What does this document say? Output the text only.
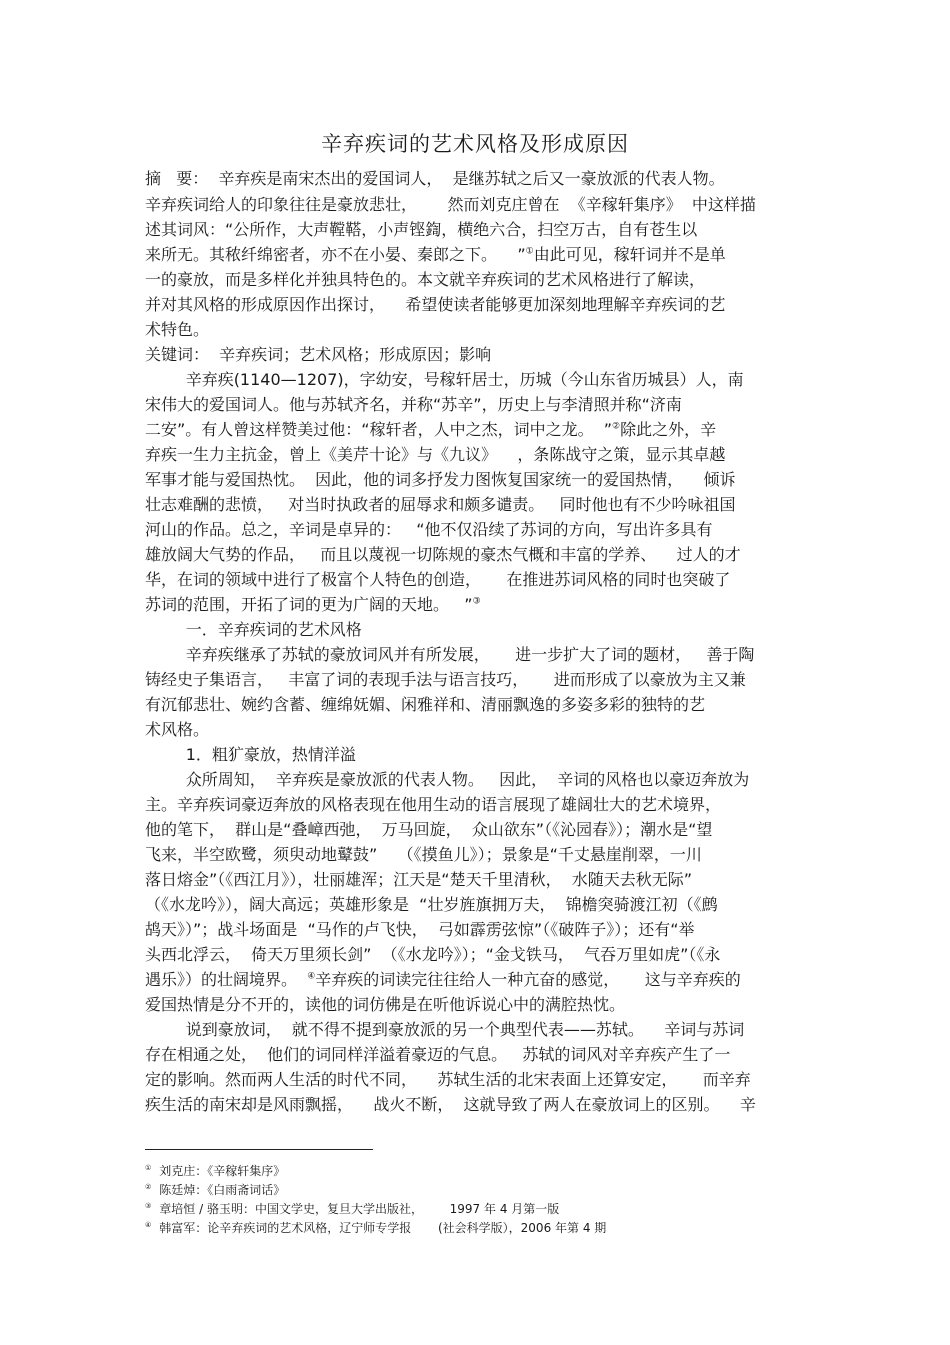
辛弃疾词的艺术风格及形成原因
摘   要：  辛弃疾是南宋杰出的爱国词人，  是继苏轼之后又一豪放派的代表人物。
辛弃疾词给人的印象往往是豪放悲壮，      然而刘克庄曾在  《辛稼轩集序》  中这样描
述其词风：“公所作，大声鞺鞳，小声铿鍧，横绝六合，扫空万古，自有苍生以
来所无。其秾纤绵密者，亦不在小晏、秦郎之下。    ”①由此可见，稼轩词并不是单
一的豪放，而是多样化并独具特色的。本文就辛弃疾词的艺术风格进行了解读，
并对其风格的形成原因作出探讨，    希望使读者能够更加深刻地理解辛弃疾词的艺
术特色。
关键词：  辛弃疾词；艺术风格；形成原因；影响
辛弃疾(1140—1207)，字幼安，号稼轩居士，历城（今山东省历城县）人，南
宋伟大的爱国词人。他与苏轼齐名，并称“苏辛”，历史上与李清照并称“济南
二安”。有人曾这样赞美过他：“稼轩者，人中之杰，词中之龙。  ”②除此之外，辛
弃疾一生力主抗金，曾上《美芹十论》与《九议》    ，条陈战守之策，显示其卓越
军事才能与爱国热忱。  因此，他的词多抒发力图恢复国家统一的爱国热情，    倾诉
壮志难酬的悲愤，   对当时执政者的屈辱求和颇多谴责。   同时他也有不少吟咏祖国
河山的作品。总之，辛词是卓异的：   “他不仅沿续了苏词的方向，写出许多具有
雄放阔大气势的作品，   而且以蔑视一切陈规的豪杰气概和丰富的学养、    过人的才
华，在词的领域中进行了极富个人特色的创造，     在推进苏词风格的同时也突破了
苏词的范围，开拓了词的更为广阔的天地。   ”③
一．辛弃疾词的艺术风格
辛弃疾继承了苏轼的豪放词风并有所发展，     进一步扩大了词的题材，   善于陶
铸经史子集语言，   丰富了词的表现手法与语言技巧，     进而形成了以豪放为主又兼
有沉郁悲壮、婉约含蓄、缠绵妩媚、闲雅祥和、清丽飘逸的多姿多彩的独特的艺
术风格。
1．粗犷豪放，热情洋溢
众所周知，  辛弃疾是豪放派的代表人物。   因此，  辛词的风格也以豪迈奔放为
主。辛弃疾词豪迈奔放的风格表现在他用生动的语言展现了雄阔壮大的艺术境界，
他的笔下，  群山是“叠嶂西弛，  万马回旋，  众山欲东”（《沁园春》）；潮水是“望
飞来，半空欧鹭，须臾动地鼙鼓”    （《摸鱼儿》）；景象是“千丈悬崖削翠，一川
落日熔金”（《西江月》），壮丽雄浑；江天是“楚天千里清秋，  水随天去秋无际”
（《水龙吟》），阔大高远；英雄形象是  “壮岁旌旗拥万夫，  锦檐突骑渡江初（《鹧
鸪天》）”；战斗场面是  “马作的卢飞快，  弓如霹雳弦惊”（《破阵子》）；还有“举
头西北浮云，  倚天万里须长剑”  （《水龙吟》）；“金戈铁马，  气吞万里如虎”（《永
遇乐》）的壮阔境界。  ④辛弃疾的词读完往往给人一种亢奋的感觉，     这与辛弃疾的
爱国热情是分不开的，读他的词仿佛是在听他诉说心中的满腔热忱。
说到豪放词，  就不得不提到豪放派的另一个典型代表——苏轼。    辛词与苏词
存在相通之处，  他们的词同样洋溢着豪迈的气息。   苏轼的词风对辛弃疾产生了一
定的影响。然而两人生活的时代不同，    苏轼生活的北宋表面上还算安定，     而辛弃
疾生活的南宋却是风雨飘摇，    战火不断，  这就导致了两人在豪放词上的区别。    辛
① 刘克庄：《辛稼轩集序》
② 陈廷焯：《白雨斋词话》
③ 章培恒 / 骆玉明：中国文学史，复旦大学出版社，       1997 年 4 月第一版
④ 韩富军：论辛弃疾词的艺术风格，辽宁师专学报       (社会科学版），2006 年第 4 期
